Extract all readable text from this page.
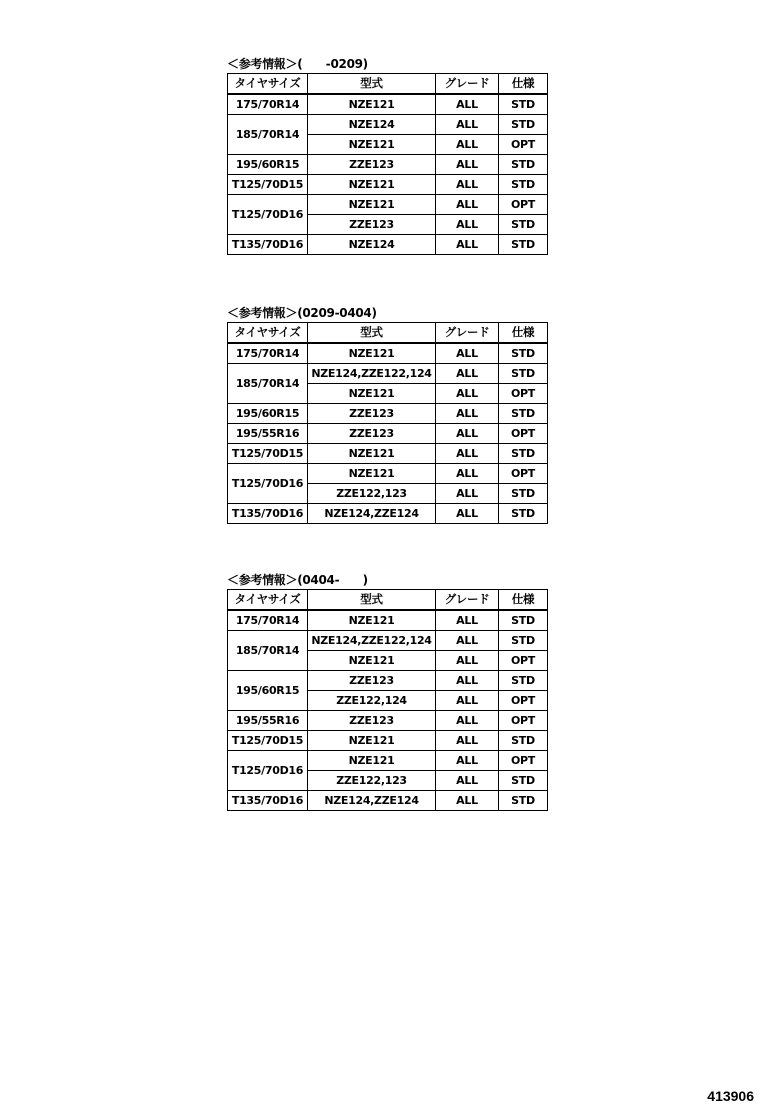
＜参考情報＞(　　-0209)
タイヤサイズ	型式	グレード	仕様
175/70R14	NZE121	ALL	STD
185/70R14	NZE124	ALL	STD
	NZE121	ALL	OPT
195/60R15	ZZE123	ALL	STD
T125/70D15	NZE121	ALL	STD
T125/70D16	NZE121	ALL	OPT
	ZZE123	ALL	STD
T135/70D16	NZE124	ALL	STD
＜参考情報＞(0209-0404)
タイヤサイズ	型式	グレード	仕様
175/70R14	NZE121	ALL	STD
185/70R14	NZE124,ZZE122,124	ALL	STD
	NZE121	ALL	OPT
195/60R15	ZZE123	ALL	STD
195/55R16	ZZE123	ALL	OPT
T125/70D15	NZE121	ALL	STD
T125/70D16	NZE121	ALL	OPT
	ZZE122,123	ALL	STD
T135/70D16	NZE124,ZZE124	ALL	STD
＜参考情報＞(0404-　　)
タイヤサイズ	型式	グレード	仕様
175/70R14	NZE121	ALL	STD
185/70R14	NZE124,ZZE122,124	ALL	STD
	NZE121	ALL	OPT
195/60R15	ZZE123	ALL	STD
	ZZE122,124	ALL	OPT
195/55R16	ZZE123	ALL	OPT
T125/70D15	NZE121	ALL	STD
T125/70D16	NZE121	ALL	OPT
	ZZE122,123	ALL	STD
T135/70D16	NZE124,ZZE124	ALL	STD
413906
